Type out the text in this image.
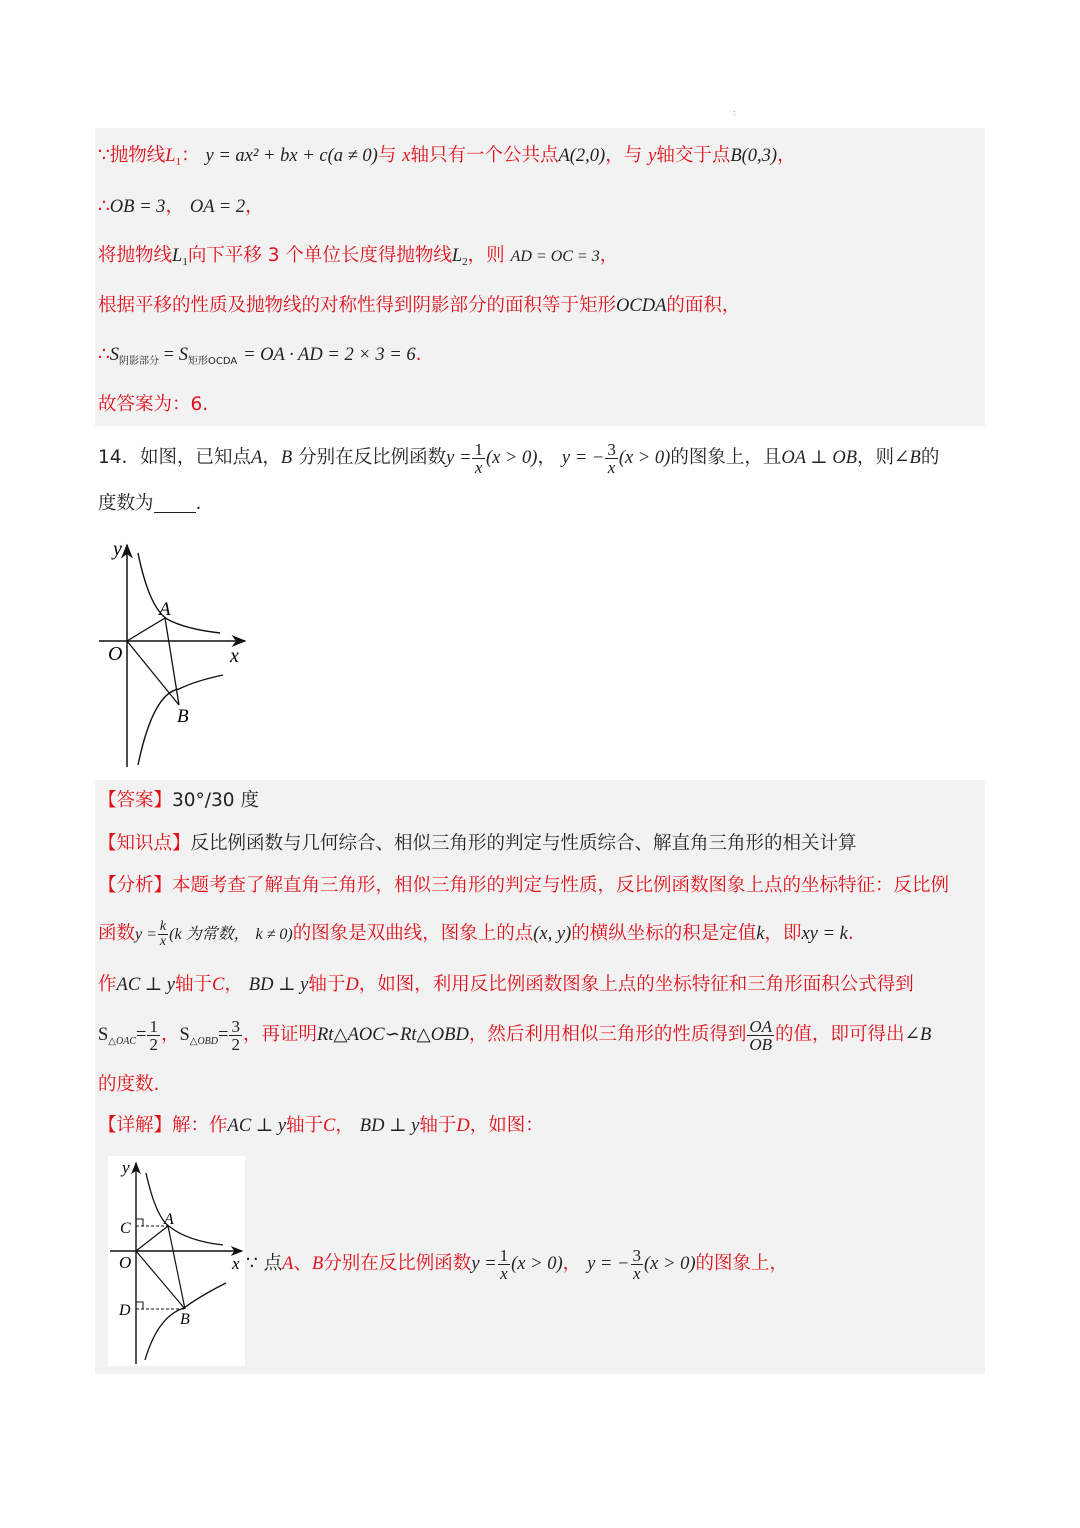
:
∵抛物线$L_1$： y = ax² + bx + c(a ≠ 0)与 x轴只有一个公共点A(2,0)，与 y轴交于点B(0,3)，
∴OB = 3， OA = 2，
将抛物线$L_1$向下平移 3 个单位长度得抛物线$L_2$，则 AD = OC = 3，
根据平移的性质及抛物线的对称性得到阴影部分的面积等于矩形OCDA的面积，
$\therefore S_{阴影部分} = S_{矩形OCDA}$ = OA · AD = 2 × 3 = 6.
故答案为：6.
14．如图，已知点A，B 分别在反比例函数$y = \frac{1}{x} (x > 0)$， y = − $\frac{3}{x} (x > 0)$的图象上，且OA ⊥ OB，则∠B的
度数为 .
y
x
O
A
B
【答案】30°/30 度
【知识点】反比例函数与几何综合、相似三角形的判定与性质综合、解直角三角形的相关计算
【分析】本题考查了解直角三角形，相似三角形的判定与性质，反比例函数图象上点的坐标特征：反比例
函数$y = \frac{k}{x} (k$ 为常数， k ≠ 0)的图象是双曲线，图象上的点(x, y)的横纵坐标的积是定值k，即xy = k.
作AC ⊥ y轴于C， BD ⊥ y轴于D，如图，利用反比例函数图象上点的坐标特征和三角形面积公式得到
$S_{\triangle OAC}= \frac{1}{2}$ ，$S_{\triangle OBD}= \frac{3}{2}$ ，再证明Rt△AOC∽Rt△OBD，然后利用相似三角形的性质得到 $\frac{OA}{OB}$ 的值，即可得出∠B
的度数.
【详解】解：作AC ⊥ y轴于C， BD ⊥ y轴于D，如图：
y
x
O
A
B
C
D
∵ 点A、B分别在反比例函数$y = \frac{1}{x} (x > 0)$， y = − $\frac{3}{x} (x > 0)$的图象上，
